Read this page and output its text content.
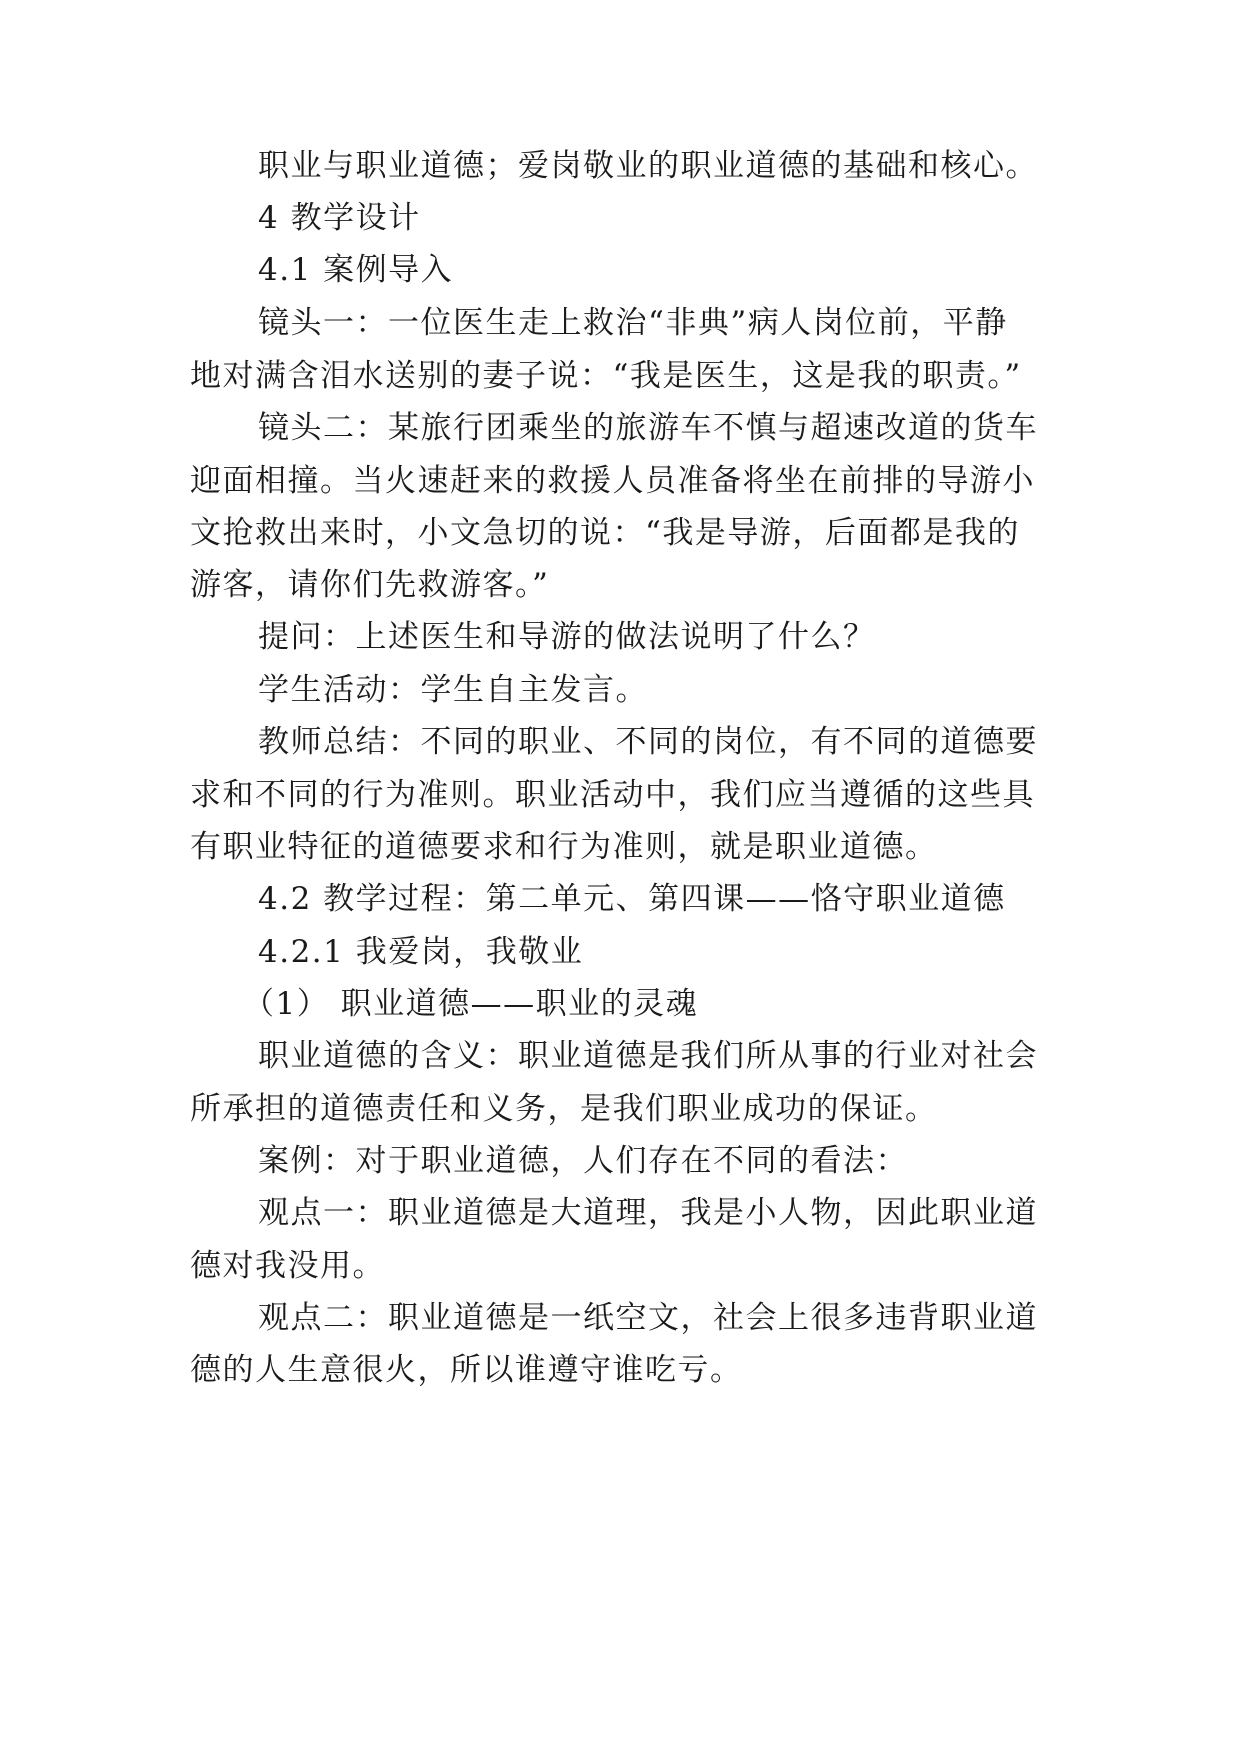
职业与职业道德；爱岗敬业的职业道德的基础和核心。
4 教学设计
4.1 案例导入
镜头一：一位医生走上救治“非典”病人岗位前，平静
地对满含泪水送别的妻子说：“我是医生，这是我的职责。”
镜头二：某旅行团乘坐的旅游车不慎与超速改道的货车
迎面相撞。当火速赶来的救援人员准备将坐在前排的导游小
文抢救出来时，小文急切的说：“我是导游，后面都是我的
游客，请你们先救游客。”
提问：上述医生和导游的做法说明了什么？
学生活动：学生自主发言。
教师总结：不同的职业、不同的岗位，有不同的道德要
求和不同的行为准则。职业活动中，我们应当遵循的这些具
有职业特征的道德要求和行为准则，就是职业道德。
4.2 教学过程：第二单元、第四课——恪守职业道德
4.2.1 我爱岗，我敬业
（1） 职业道德——职业的灵魂
职业道德的含义：职业道德是我们所从事的行业对社会
所承担的道德责任和义务，是我们职业成功的保证。
案例：对于职业道德，人们存在不同的看法：
观点一：职业道德是大道理，我是小人物，因此职业道
德对我没用。
观点二：职业道德是一纸空文，社会上很多违背职业道
德的人生意很火，所以谁遵守谁吃亏。
